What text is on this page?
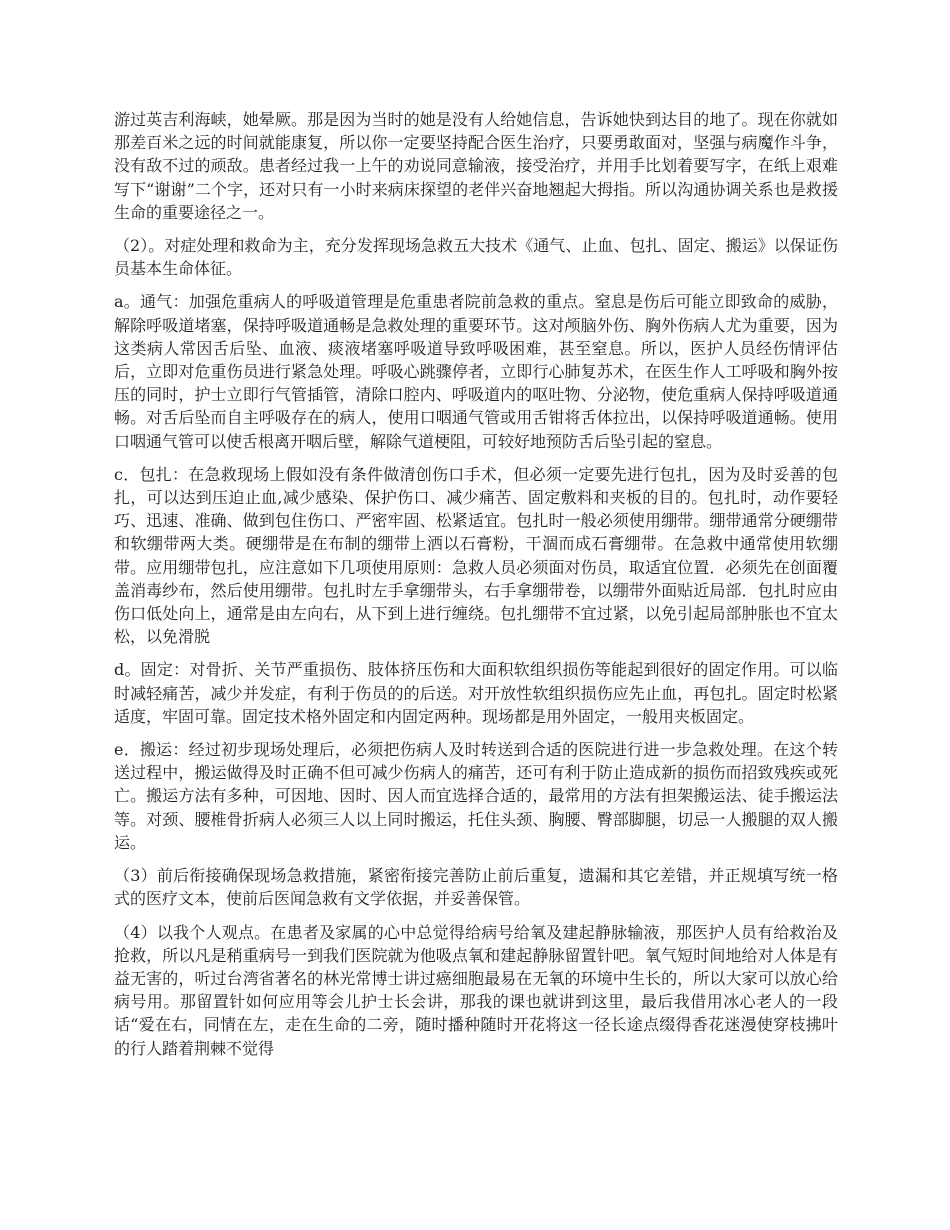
游过英吉利海峡，她晕厥。那是因为当时的她是没有人给她信息，告诉她快到达目的地了。现在你就如那差百米之远的时间就能康复，所以你一定要坚持配合医生治疗，只要勇敢面对，坚强与病魔作斗争，没有敌不过的顽敌。患者经过我一上午的劝说同意输液，接受治疗，并用手比划着要写字，在纸上艰难写下“谢谢”二个字，还对只有一小时来病床探望的老伴兴奋地翘起大拇指。所以沟通协调关系也是救援生命的重要途径之一。

（2）。对症处理和救命为主，充分发挥现场急救五大技术《通气、止血、包扎、固定、搬运》以保证伤员基本生命体征。

a。通气：加强危重病人的呼吸道管理是危重患者院前急救的重点。窒息是伤后可能立即致命的威胁，解除呼吸道堵塞，保持呼吸道通畅是急救处理的重要环节。这对颅脑外伤、胸外伤病人尤为重要，因为这类病人常因舌后坠、血液、痰液堵塞呼吸道导致呼吸困难，甚至窒息。所以，医护人员经伤情评估后，立即对危重伤员进行紧急处理。呼吸心跳骤停者，立即行心肺复苏术，在医生作人工呼吸和胸外按压的同时，护士立即行气管插管，清除口腔内、呼吸道内的呕吐物、分泌物，使危重病人保持呼吸道通畅。对舌后坠而自主呼吸存在的病人，使用口咽通气管或用舌钳将舌体拉出，以保持呼吸道通畅。使用口咽通气管可以使舌根离开咽后壁，解除气道梗阻，可较好地预防舌后坠引起的窒息。

c．包扎：在急救现场上假如没有条件做清创伤口手术，但必须一定要先进行包扎，因为及时妥善的包扎，可以达到压迫止血,减少感染、保护伤口、减少痛苦、固定敷料和夹板的目的。包扎时，动作要轻巧、迅速、准确、做到包住伤口、严密牢固、松紧适宜。包扎时一般必须使用绷带。绷带通常分硬绷带和软绷带两大类。硬绷带是在布制的绷带上洒以石膏粉，干涸而成石膏绷带。在急救中通常使用软绷带。应用绷带包扎，应注意如下几项使用原则：急救人员必须面对伤员，取适宜位置．必须先在创面覆盖消毒纱布，然后使用绷带。包扎时左手拿绷带头，右手拿绷带卷，以绷带外面贴近局部．包扎时应由伤口低处向上，通常是由左向右，从下到上进行缠绕。包扎绷带不宜过紧，以免引起局部肿胀也不宜太松，以免滑脱

d。固定：对骨折、关节严重损伤、肢体挤压伤和大面积软组织损伤等能起到很好的固定作用。可以临时减轻痛苦，减少并发症，有利于伤员的的后送。对开放性软组织损伤应先止血，再包扎。固定时松紧适度，牢固可靠。固定技术格外固定和内固定两种。现场都是用外固定，一般用夹板固定。

e．搬运：经过初步现场处理后，必须把伤病人及时转送到合适的医院进行进一步急救处理。在这个转送过程中，搬运做得及时正确不但可减少伤病人的痛苦，还可有利于防止造成新的损伤而招致残疾或死亡。搬运方法有多种，可因地、因时、因人而宜选择合适的，最常用的方法有担架搬运法、徒手搬运法等。对颈、腰椎骨折病人必须三人以上同时搬运，托住头颈、胸腰、臀部脚腿，切忌一人搬腿的双人搬运。

（3）前后衔接确保现场急救措施，紧密衔接完善防止前后重复，遗漏和其它差错，并正规填写统一格式的医疗文本，使前后医闻急救有文学依据，并妥善保管。

（4）以我个人观点。在患者及家属的心中总觉得给病号给氧及建起静脉输液，那医护人员有给救治及抢救，所以凡是稍重病号一到我们医院就为他吸点氧和建起静脉留置针吧。氧气短时间地给对人体是有益无害的，听过台湾省著名的林光常博士讲过癌细胞最易在无氧的环境中生长的，所以大家可以放心给病号用。那留置针如何应用等会儿护士长会讲，那我的课也就讲到这里，最后我借用冰心老人的一段话“爱在右，同情在左，走在生命的二旁，随时播种随时开花将这一径长途点缀得香花迷漫使穿枝拂叶的行人踏着荆棘不觉得
